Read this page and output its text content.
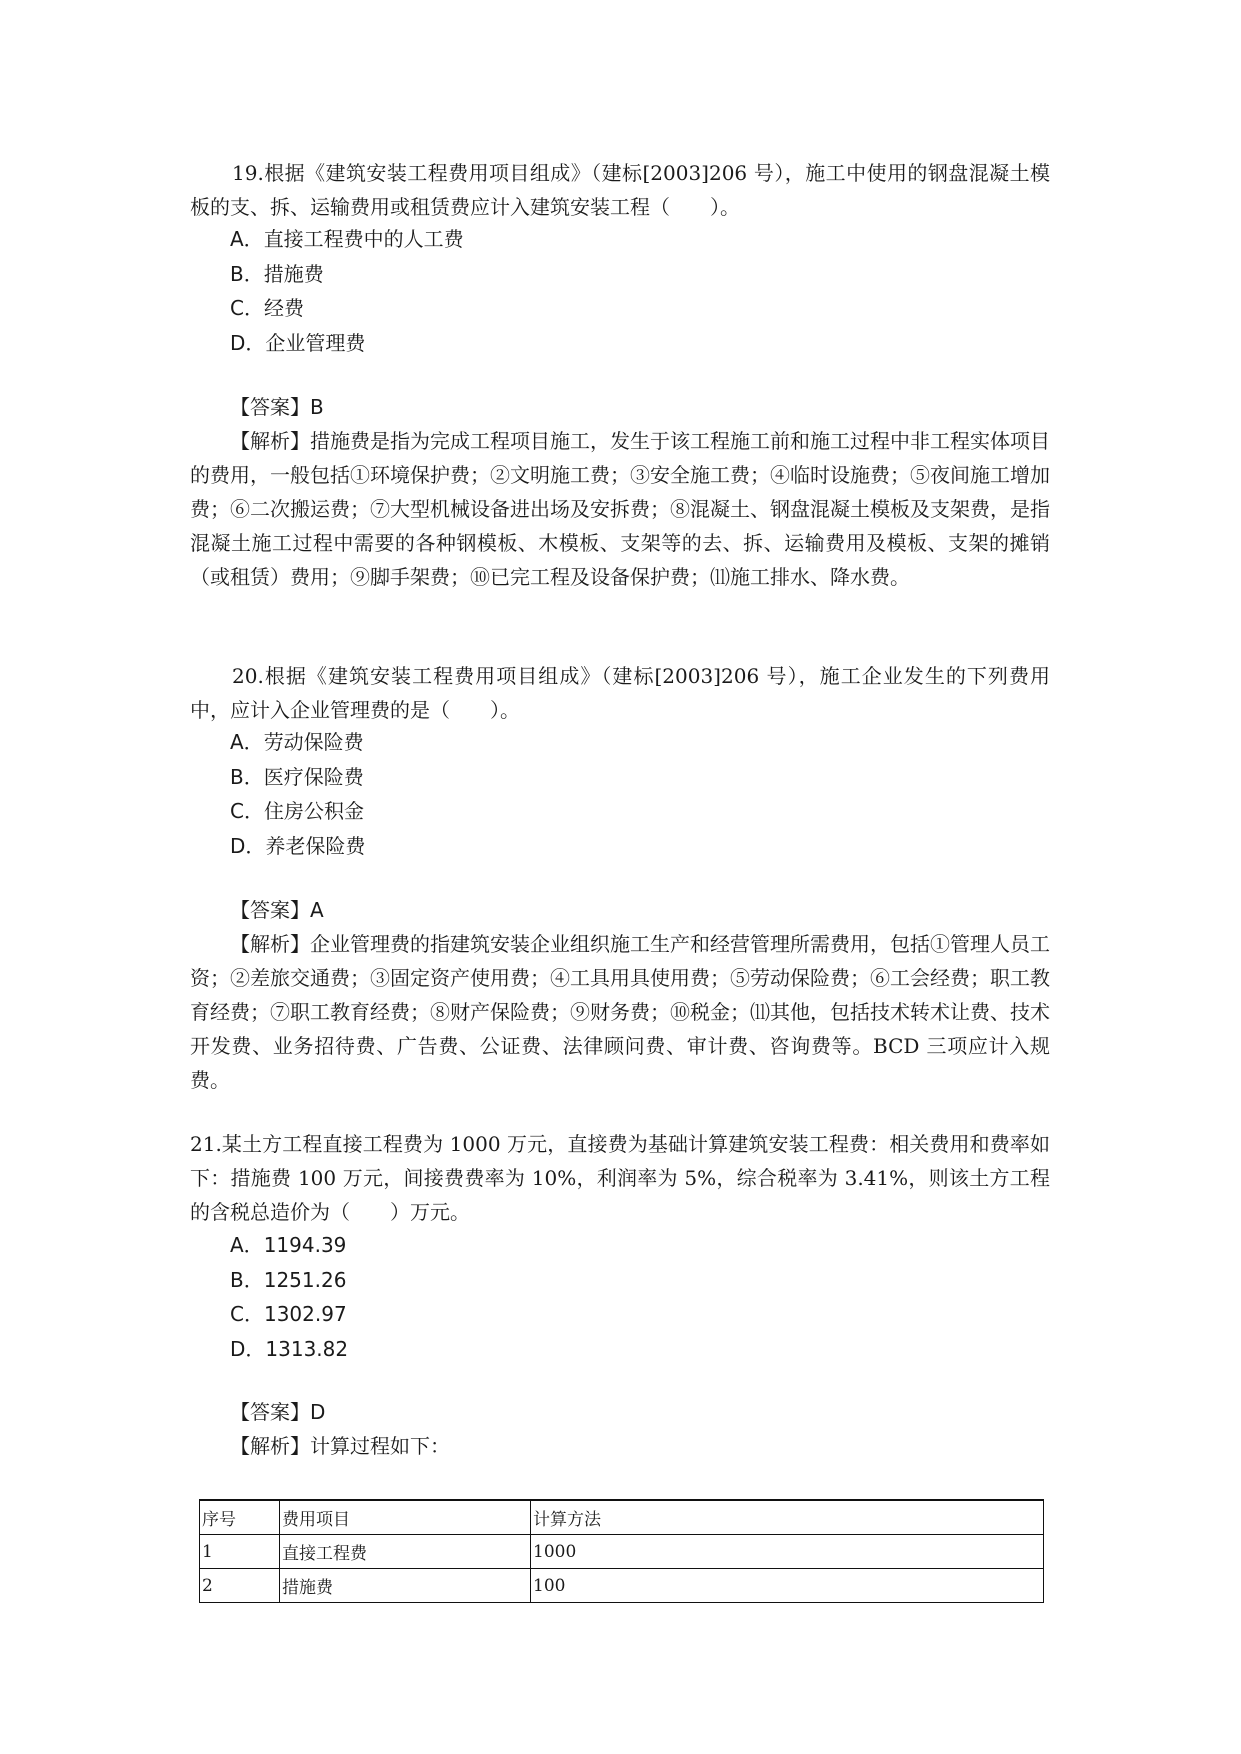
19.根据《建筑安装工程费用项目组成》（建标[2003]206 号），施工中使用的钢盘混凝土模板的支、拆、运输费用或租赁费应计入建筑安装工程（　　）。

A．直接工程费中的人工费
B．措施费
C．经费
D．企业管理费

【答案】B

【解析】措施费是指为完成工程项目施工，发生于该工程施工前和施工过程中非工程实体项目的费用，一般包括①环境保护费；②文明施工费；③安全施工费；④临时设施费；⑤夜间施工增加费；⑥二次搬运费；⑦大型机械设备进出场及安拆费；⑧混凝土、钢盘混凝土模板及支架费，是指混凝土施工过程中需要的各种钢模板、木模板、支架等的去、拆、运输费用及模板、支架的摊销（或租赁）费用；⑨脚手架费；⑩已完工程及设备保护费；⑾施工排水、降水费。

20.根据《建筑安装工程费用项目组成》（建标[2003]206 号），施工企业发生的下列费用中，应计入企业管理费的是（　　）。

A．劳动保险费
B．医疗保险费
C．住房公积金
D．养老保险费

【答案】A

【解析】企业管理费的指建筑安装企业组织施工生产和经营管理所需费用，包括①管理人员工资；②差旅交通费；③固定资产使用费；④工具用具使用费；⑤劳动保险费；⑥工会经费；职工教育经费；⑦职工教育经费；⑧财产保险费；⑨财务费；⑩税金；⑾其他，包括技术转术让费、技术开发费、业务招待费、广告费、公证费、法律顾问费、审计费、咨询费等。BCD 三项应计入规费。

21.某土方工程直接工程费为 1000 万元，直接费为基础计算建筑安装工程费：相关费用和费率如下：措施费 100 万元，间接费费率为 10%，利润率为 5%，综合税率为 3.41%，则该土方工程的含税总造价为（　　）万元。

A．1194.39
B．1251.26
C．1302.97
D．1313.82

【答案】D

【解析】计算过程如下：

序号	费用项目	计算方法
1	直接工程费	1000
2	措施费	100
